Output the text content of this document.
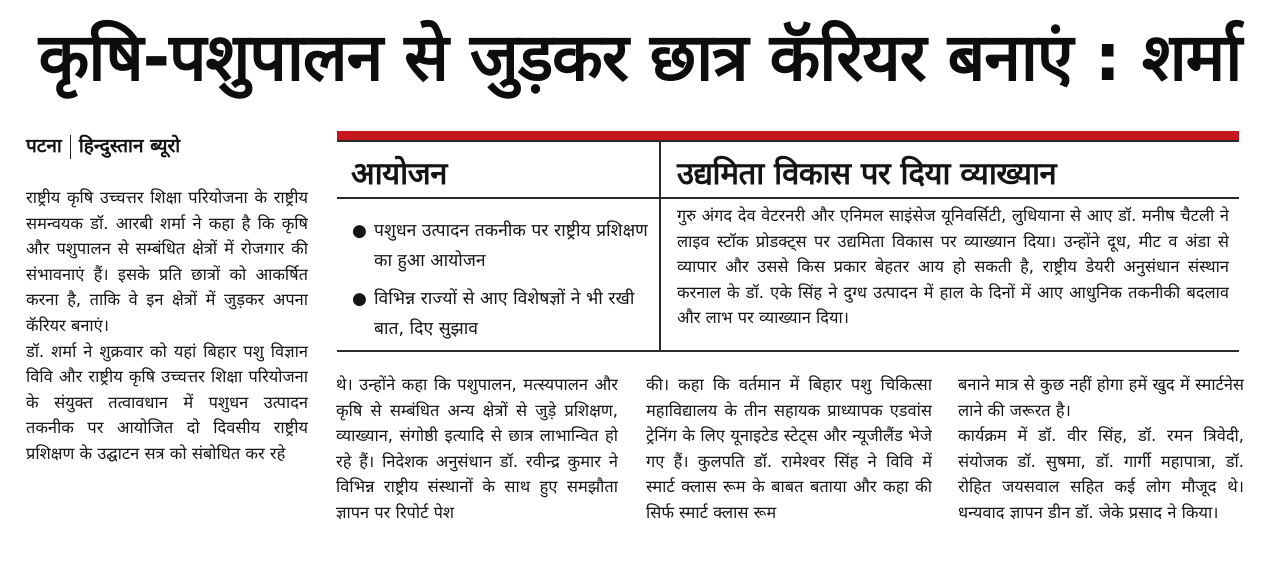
कृषि-पशुपालन से जुड़कर छात्र कॅरियर बनाएं : शर्मा
पटना हिन्दुस्तान ब्यूरो

राष्ट्रीय कृषि उच्चत्तर शिक्षा परियोजना के राष्ट्रीय समन्वयक डॉ. आरबी शर्मा ने कहा है कि कृषि और पशुपालन से सम्बंधित क्षेत्रों में रोजगार की संभावनाएं हैं। इसके प्रति छात्रों को आकर्षित करना है, ताकि वे इन क्षेत्रों में जुड़कर अपना कॅरियर बनाएं।

डॉ. शर्मा ने शुक्रवार को यहां बिहार पशु विज्ञान विवि और राष्ट्रीय कृषि उच्चत्तर शिक्षा परियोजना के संयुक्त तत्वावधान में पशुधन उत्पादन तकनीक पर आयोजित दो दिवसीय राष्ट्रीय प्रशिक्षण के उद्घाटन सत्र को संबोधित कर रहे

आयोजन
● पशुधन उत्पादन तकनीक पर राष्ट्रीय प्रशिक्षण का हुआ आयोजन
● विभिन्न राज्यों से आए विशेषज्ञों ने भी रखी बात, दिए सुझाव
उद्यमिता विकास पर दिया व्याख्यान

गुरु अंगद देव वेटरनरी और एनिमल साइंसेज यूनिवर्सिटी, लुधियाना से आए डॉ. मनीष चैटली ने लाइव स्टॉक प्रोडक्ट्स पर उद्यमिता विकास पर व्याख्यान दिया। उन्होंने दूध, मीट व अंडा से व्यापार और उससे किस प्रकार बेहतर आय हो सकती है, राष्ट्रीय डेयरी अनुसंधान संस्थान करनाल के डॉ. एके सिंह ने दुग्ध उत्पादन में हाल के दिनों में आए आधुनिक तकनीकी बदलाव और लाभ पर व्याख्यान दिया।

थे। उन्होंने कहा कि पशुपालन, मत्स्यपालन और कृषि से सम्बंधित अन्य क्षेत्रों से जुड़े प्रशिक्षण, व्याख्यान, संगोष्ठी इत्यादि से छात्र लाभान्वित हो रहे हैं। निदेशक अनुसंधान डॉ. रवीन्द्र कुमार ने विभिन्न राष्ट्रीय संस्थानों के साथ हुए समझौता ज्ञापन पर रिपोर्ट पेश

की। कहा कि वर्तमान में बिहार पशु चिकित्सा महाविद्यालय के तीन सहायक प्राध्यापक एडवांस ट्रेनिंग के लिए यूनाइटेड स्टेट्स और न्यूजीलैंड भेजे गए हैं। कुलपति डॉ. रामेश्वर सिंह ने विवि में स्मार्ट क्लास रूम के बाबत बताया और कहा की सिर्फ स्मार्ट क्लास रूम

बनाने मात्र से कुछ नहीं होगा हमें खुद में स्मार्टनेस लाने की जरूरत है।

कार्यक्रम में डॉ. वीर सिंह, डॉ. रमन त्रिवेदी, संयोजक डॉ. सुषमा, डॉ. गार्गी महापात्रा, डॉ. रोहित जयसवाल सहित कई लोग मौजूद थे। धन्यवाद ज्ञापन डीन डॉ. जेके प्रसाद ने किया।
